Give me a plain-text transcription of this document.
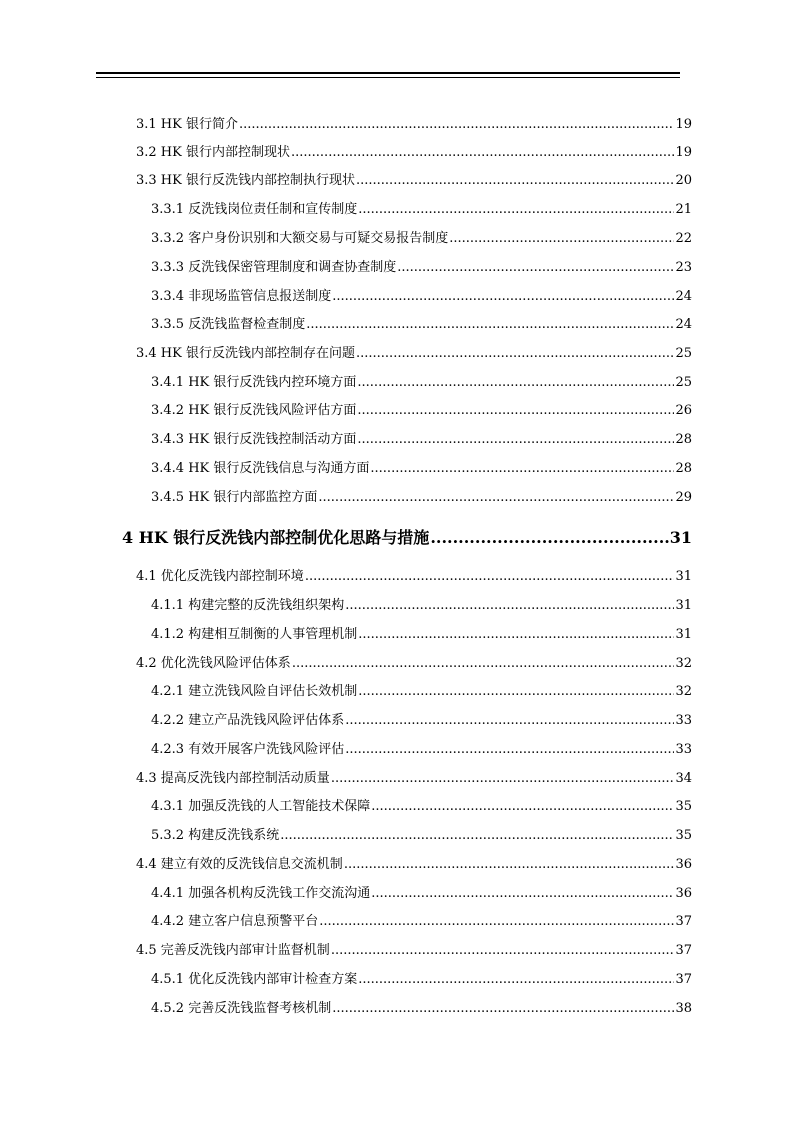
3.1 HK 银行简介 .....	19
3.2 HK 银行内部控制现状 .....	19
3.3 HK 银行反洗钱内部控制执行现状 .....	20
3.3.1 反洗钱岗位责任制和宣传制度 .....	21
3.3.2 客户身份识别和大额交易与可疑交易报告制度 .....	22
3.3.3 反洗钱保密管理制度和调查协查制度 .....	23
3.3.4 非现场监管信息报送制度 .....	24
3.3.5 反洗钱监督检查制度 .....	24
3.4 HK 银行反洗钱内部控制存在问题 .....	25
3.4.1 HK 银行反洗钱内控环境方面 .....	25
3.4.2 HK 银行反洗钱风险评估方面 .....	26
3.4.3 HK 银行反洗钱控制活动方面 .....	28
3.4.4 HK 银行反洗钱信息与沟通方面 .....	28
3.4.5 HK 银行内部监控方面 .....	29
4 HK 银行反洗钱内部控制优化思路与措施 .....	31
4.1 优化反洗钱内部控制环境 .....	31
4.1.1 构建完整的反洗钱组织架构 .....	31
4.1.2 构建相互制衡的人事管理机制 .....	31
4.2 优化洗钱风险评估体系 .....	32
4.2.1 建立洗钱风险自评估长效机制 .....	32
4.2.2 建立产品洗钱风险评估体系 .....	33
4.2.3 有效开展客户洗钱风险评估 .....	33
4.3 提高反洗钱内部控制活动质量 .....	34
4.3.1 加强反洗钱的人工智能技术保障 .....	35
5.3.2 构建反洗钱系统 .....	35
4.4 建立有效的反洗钱信息交流机制 .....	36
4.4.1 加强各机构反洗钱工作交流沟通 .....	36
4.4.2 建立客户信息预警平台 .....	37
4.5 完善反洗钱内部审计监督机制 .....	37
4.5.1 优化反洗钱内部审计检查方案 .....	37
4.5.2 完善反洗钱监督考核机制 .....	38
